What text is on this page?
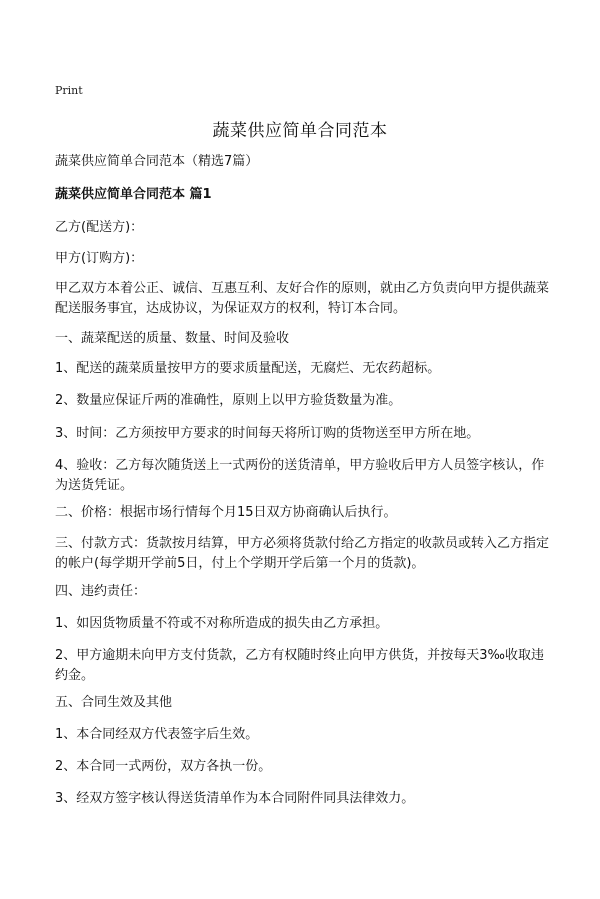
Print
蔬菜供应简单合同范本

蔬菜供应简单合同范本（精选7篇）

蔬菜供应简单合同范本 篇1

乙方(配送方)：

甲方(订购方)：

甲乙双方本着公正、诚信、互惠互利、友好合作的原则，就由乙方负责向甲方提供蔬菜配送服务事宜，达成协议，为保证双方的权利，特订本合同。

一、蔬菜配送的质量、数量、时间及验收

1、配送的蔬菜质量按甲方的要求质量配送，无腐烂、无农药超标。

2、数量应保证斤两的准确性，原则上以甲方验货数量为准。

3、时间：乙方须按甲方要求的时间每天将所订购的货物送至甲方所在地。

4、验收：乙方每次随货送上一式两份的送货清单，甲方验收后甲方人员签字核认，作为送货凭证。

二、价格：根据市场行情每个月15日双方协商确认后执行。

三、付款方式：货款按月结算，甲方必须将货款付给乙方指定的收款员或转入乙方指定的帐户(每学期开学前5日，付上个学期开学后第一个月的货款)。

四、违约责任：

1、如因货物质量不符或不对称所造成的损失由乙方承担。

2、甲方逾期未向甲方支付货款，乙方有权随时终止向甲方供货，并按每天3‰收取违约金。

五、合同生效及其他

1、本合同经双方代表签字后生效。

2、本合同一式两份，双方各执一份。

3、经双方签字核认得送货清单作为本合同附件同具法律效力。
